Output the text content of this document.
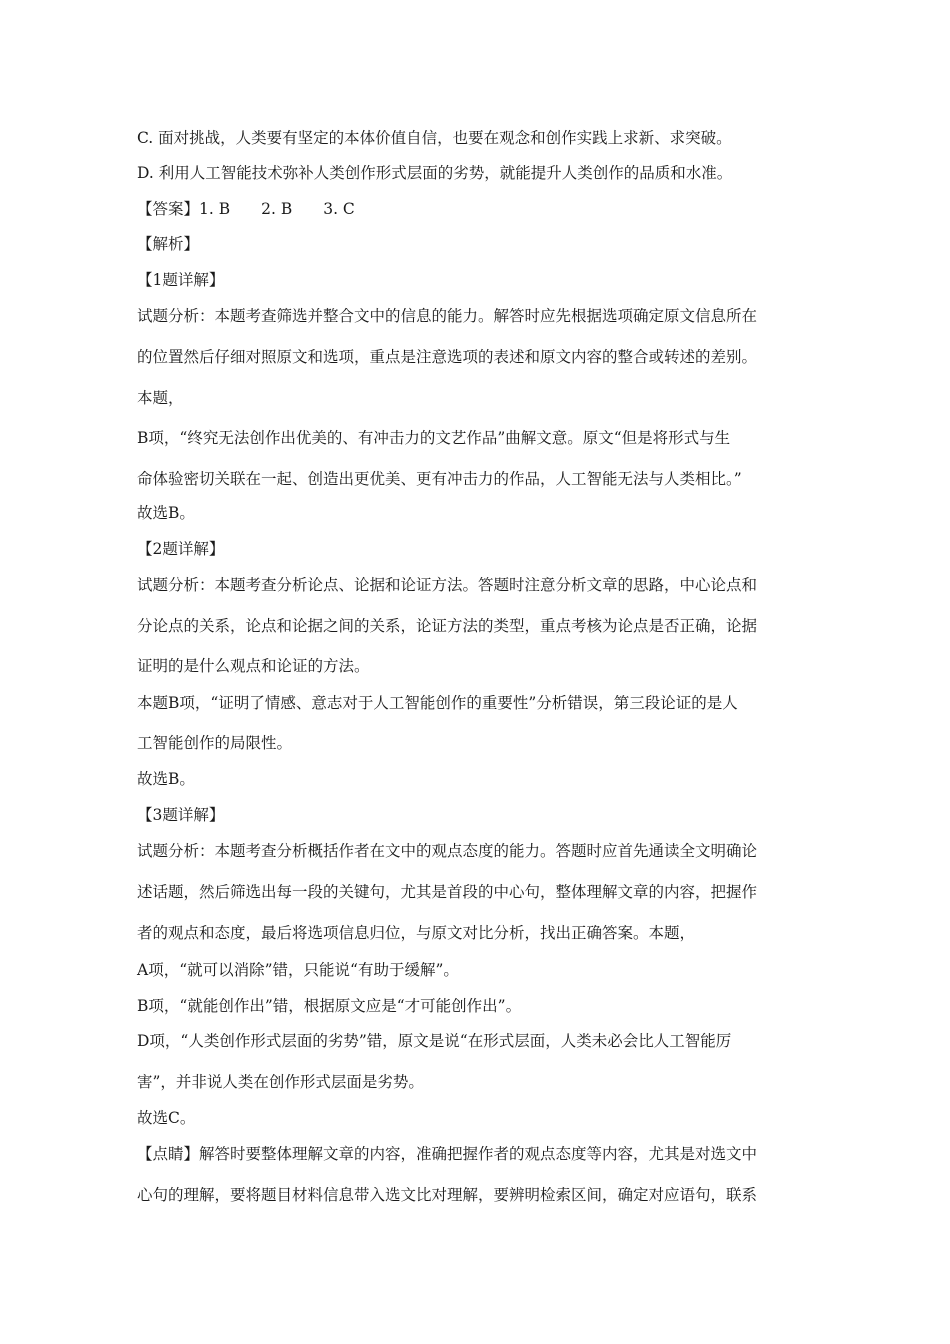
C. 面对挑战，人类要有坚定的本体价值自信，也要在观念和创作实践上求新、求突破。
D. 利用人工智能技术弥补人类创作形式层面的劣势，就能提升人类创作的品质和水准。
【答案】1. B　　2. B　　3. C
【解析】
【1题详解】
试题分析：本题考查筛选并整合文中的信息的能力。解答时应先根据选项确定原文信息所在
的位置然后仔细对照原文和选项，重点是注意选项的表述和原文内容的整合或转述的差别。
本题，
B项，“终究无法创作出优美的、有冲击力的文艺作品”曲解文意。原文“但是将形式与生
命体验密切关联在一起、创造出更优美、更有冲击力的作品，人工智能无法与人类相比。”
故选B。
【2题详解】
试题分析：本题考查分析论点、论据和论证方法。答题时注意分析文章的思路，中心论点和
分论点的关系，论点和论据之间的关系，论证方法的类型，重点考核为论点是否正确，论据
证明的是什么观点和论证的方法。
本题B项，“证明了情感、意志对于人工智能创作的重要性”分析错误，第三段论证的是人
工智能创作的局限性。
故选B。
【3题详解】
试题分析：本题考查分析概括作者在文中的观点态度的能力。答题时应首先通读全文明确论
述话题，然后筛选出每一段的关键句，尤其是首段的中心句，整体理解文章的内容，把握作
者的观点和态度，最后将选项信息归位，与原文对比分析，找出正确答案。本题，
A项，“就可以消除”错，只能说“有助于缓解”。
B项，“就能创作出”错，根据原文应是“才可能创作出”。
D项，“人类创作形式层面的劣势”错，原文是说“在形式层面，人类未必会比人工智能厉
害”，并非说人类在创作形式层面是劣势。
故选C。
【点睛】解答时要整体理解文章的内容，准确把握作者的观点态度等内容，尤其是对选文中
心句的理解，要将题目材料信息带入选文比对理解，要辨明检索区间，确定对应语句，联系
